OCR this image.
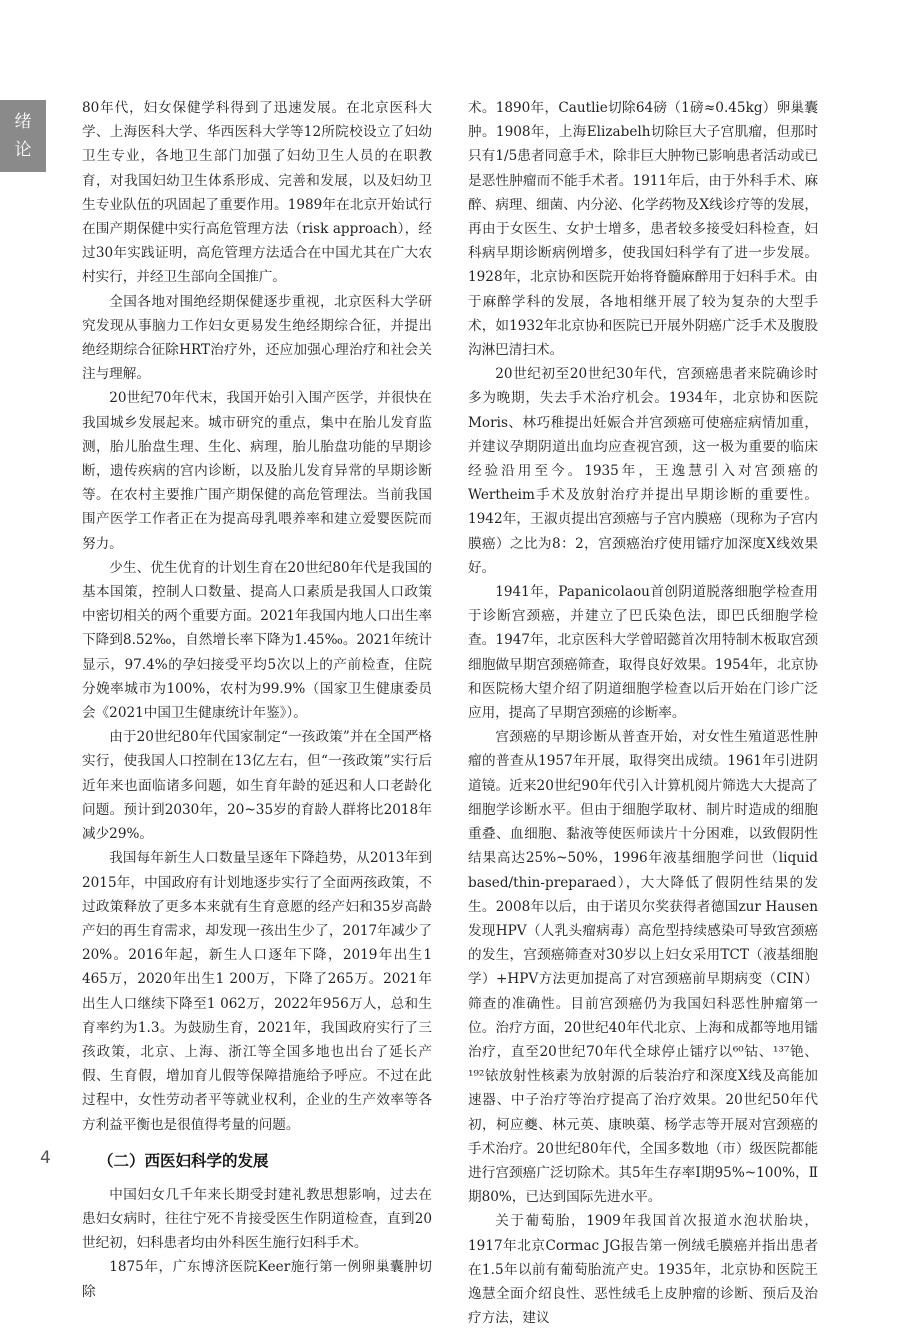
绪
论

80年代，妇女保健学科得到了迅速发展。在北京医科大学、上海医科大学、华西医科大学等12所院校设立了妇幼卫生专业，各地卫生部门加强了妇幼卫生人员的在职教育，对我国妇幼卫生体系形成、完善和发展，以及妇幼卫生专业队伍的巩固起了重要作用。1989年在北京开始试行在围产期保健中实行高危管理方法（risk approach），经过30年实践证明，高危管理方法适合在中国尤其在广大农村实行，并经卫生部向全国推广。

全国各地对围绝经期保健逐步重视，北京医科大学研究发现从事脑力工作妇女更易发生绝经期综合征，并提出绝经期综合征除HRT治疗外，还应加强心理治疗和社会关注与理解。

20世纪70年代末，我国开始引入围产医学，并很快在我国城乡发展起来。城市研究的重点，集中在胎儿发育监测，胎儿胎盘生理、生化、病理，胎儿胎盘功能的早期诊断，遗传疾病的宫内诊断，以及胎儿发育异常的早期诊断等。在农村主要推广围产期保健的高危管理法。当前我国围产医学工作者正在为提高母乳喂养率和建立爱婴医院而努力。

少生、优生优育的计划生育在20世纪80年代是我国的基本国策，控制人口数量、提高人口素质是我国人口政策中密切相关的两个重要方面。2021年我国内地人口出生率下降到8.52‰，自然增长率下降为1.45‰。2021年统计显示，97.4%的孕妇接受平均5次以上的产前检查，住院分娩率城市为100%，农村为99.9%（国家卫生健康委员会《2021中国卫生健康统计年鉴》）。

由于20世纪80年代国家制定“一孩政策”并在全国严格实行，使我国人口控制在13亿左右，但“一孩政策”实行后近年来也面临诸多问题，如生育年龄的延迟和人口老龄化问题。预计到2030年，20~35岁的育龄人群将比2018年减少29%。

我国每年新生人口数量呈逐年下降趋势，从2013年到2015年，中国政府有计划地逐步实行了全面两孩政策，不过政策释放了更多本来就有生育意愿的经产妇和35岁高龄产妇的再生育需求，却发现一孩出生少了，2017年减少了20%。2016年起，新生人口逐年下降，2019年出生1 465万，2020年出生1 200万，下降了265万。2021年出生人口继续下降至1 062万，2022年956万人，总和生育率约为1.3。为鼓励生育，2021年，我国政府实行了三孩政策，北京、上海、浙江等全国多地也出台了延长产假、生育假，增加育儿假等保障措施给予呼应。不过在此过程中，女性劳动者平等就业权利，企业的生产效率等各方利益平衡也是很值得考量的问题。

（二）西医妇科学的发展

中国妇女几千年来长期受封建礼教思想影响，过去在患妇女病时，往往宁死不肯接受医生作阴道检查，直到20世纪初，妇科患者均由外科医生施行妇科手术。

1875年，广东博济医院Keer施行第一例卵巢囊肿切除

术。1890年，Cautlie切除64磅（1磅≈0.45kg）卵巢囊肿。1908年，上海Elizabelh切除巨大子宫肌瘤，但那时只有1/5患者同意手术，除非巨大肿物已影响患者活动或已是恶性肿瘤而不能手术者。1911年后，由于外科手术、麻醉、病理、细菌、内分泌、化学药物及X线诊疗等的发展，再由于女医生、女护士增多，患者较多接受妇科检查，妇科病早期诊断病例增多，使我国妇科学有了进一步发展。1928年，北京协和医院开始将脊髓麻醉用于妇科手术。由于麻醉学科的发展，各地相继开展了较为复杂的大型手术，如1932年北京协和医院已开展外阴癌广泛手术及腹股沟淋巴清扫术。

20世纪初至20世纪30年代，宫颈癌患者来院确诊时多为晚期，失去手术治疗机会。1934年，北京协和医院Moris、林巧稚提出妊娠合并宫颈癌可使癌症病情加重，并建议孕期阴道出血均应查视宫颈，这一极为重要的临床经验沿用至今。1935年，王逸慧引入对宫颈癌的Wertheim手术及放射治疗并提出早期诊断的重要性。1942年，王淑贞提出宫颈癌与子宫内膜癌（现称为子宫内膜癌）之比为8：2，宫颈癌治疗使用镭疗加深度X线效果好。

1941年，Papanicolaou首创阴道脱落细胞学检查用于诊断宫颈癌，并建立了巴氏染色法，即巴氏细胞学检查。1947年，北京医科大学曾昭懿首次用特制木板取宫颈细胞做早期宫颈癌筛查，取得良好效果。1954年，北京协和医院杨大望介绍了阴道细胞学检查以后开始在门诊广泛应用，提高了早期宫颈癌的诊断率。

宫颈癌的早期诊断从普查开始，对女性生殖道恶性肿瘤的普查从1957年开展，取得突出成绩。1961年引进阴道镜。近来20世纪90年代引入计算机阅片筛选大大提高了细胞学诊断水平。但由于细胞学取材、制片时造成的细胞重叠、血细胞、黏液等使医师读片十分困难，以致假阴性结果高达25%~50%，1996年液基细胞学问世（liquid based/thin-preparaed），大大降低了假阴性结果的发生。2008年以后，由于诺贝尔奖获得者德国zur Hausen发现HPV（人乳头瘤病毒）高危型持续感染可导致宫颈癌的发生，宫颈癌筛查对30岁以上妇女采用TCT（液基细胞学）+HPV方法更加提高了对宫颈癌前早期病变（CIN）筛查的准确性。目前宫颈癌仍为我国妇科恶性肿瘤第一位。治疗方面，20世纪40年代北京、上海和成都等地用镭治疗，直至20世纪70年代全球停止镭疗以⁶⁰钴、¹³⁷铯、¹⁹²铱放射性核素为放射源的后装治疗和深度X线及高能加速器、中子治疗等治疗提高了治疗效果。20世纪50年代初，柯应夔、林元英、康映蕖、杨学志等开展对宫颈癌的手术治疗。20世纪80年代，全国多数地（市）级医院都能进行宫颈癌广泛切除术。其5年生存率Ⅰ期95%~100%，Ⅱ期80%，已达到国际先进水平。

关于葡萄胎，1909年我国首次报道水泡状胎块，1917年北京Cormac JG报告第一例绒毛膜癌并指出患者在1.5年以前有葡萄胎流产史。1935年，北京协和医院王逸慧全面介绍良性、恶性绒毛上皮肿瘤的诊断、预后及治疗方法，建议

4
